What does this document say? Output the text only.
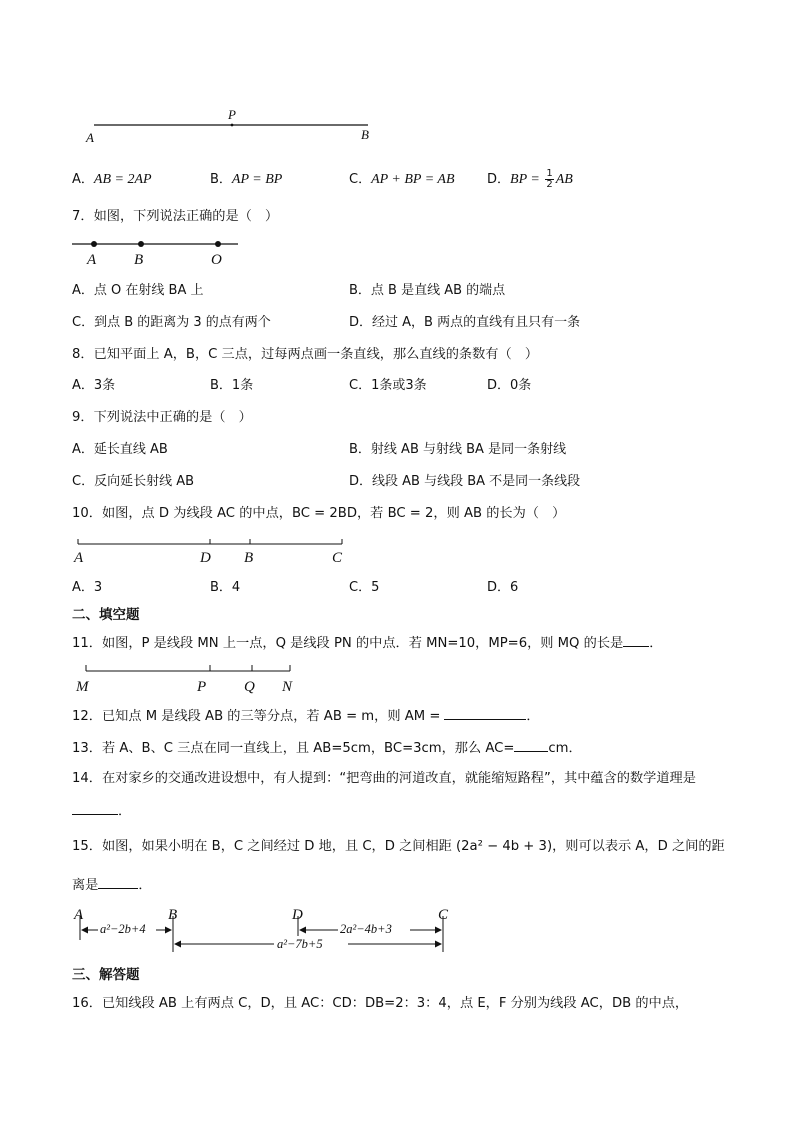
A
P
B
A．AB = 2AP	B．AP = BP	C．AP + BP = AB D．BP = $\frac{1}{2}$ AB
7．如图，下列说法正确的是（　）
A	B	O
A．点 O 在射线 BA 上	B．点 B 是直线 AB 的端点
C．到点 B 的距离为 3 的点有两个	D．经过 A，B 两点的直线有且只有一条
8．已知平面上 A，B，C 三点，过每两点画一条直线，那么直线的条数有（　）
A．3条	B．1条	C．1条或3条	D．0条
9．下列说法中正确的是（　）
A．延长直线 AB	B．射线 AB 与射线 BA 是同一条射线
C．反向延长射线 AB	D．线段 AB 与线段 BA 不是同一条线段
10．如图，点 D 为线段 AC 的中点，BC = 2BD，若 BC = 2，则 AB 的长为（　）
A	D B	C
A．3	B．4	C．5	D．6
二、填空题
11．如图，P 是线段 MN 上一点，Q 是线段 PN 的中点．若 MN=10，MP=6，则 MQ 的长是 ．
M	P	Q N
12．已知点 M 是线段 AB 的三等分点，若 AB = m，则 AM =	．
13．若 A、B、C 三点在同一直线上，且 AB=5cm，BC=3cm，那么 AC=	cm．
14．在对家乡的交通改进设想中，有人提到：“把弯曲的河道改直，就能缩短路程”，其中蕴含的数学道理是
．
15．如图，如果小明在 B，C 之间经过 D 地，且 C，D 之间相距 (2a² − 4b + 3)，则可以表示 A，D 之间的距
离是	．
A	B	D	C
a²−2b+4	2a²−4b+3
a²−7b+5
三、解答题
16．已知线段 AB 上有两点 C，D，且 AC：CD：DB=2：3：4，点 E，F 分别为线段 AC，DB 的中点，
